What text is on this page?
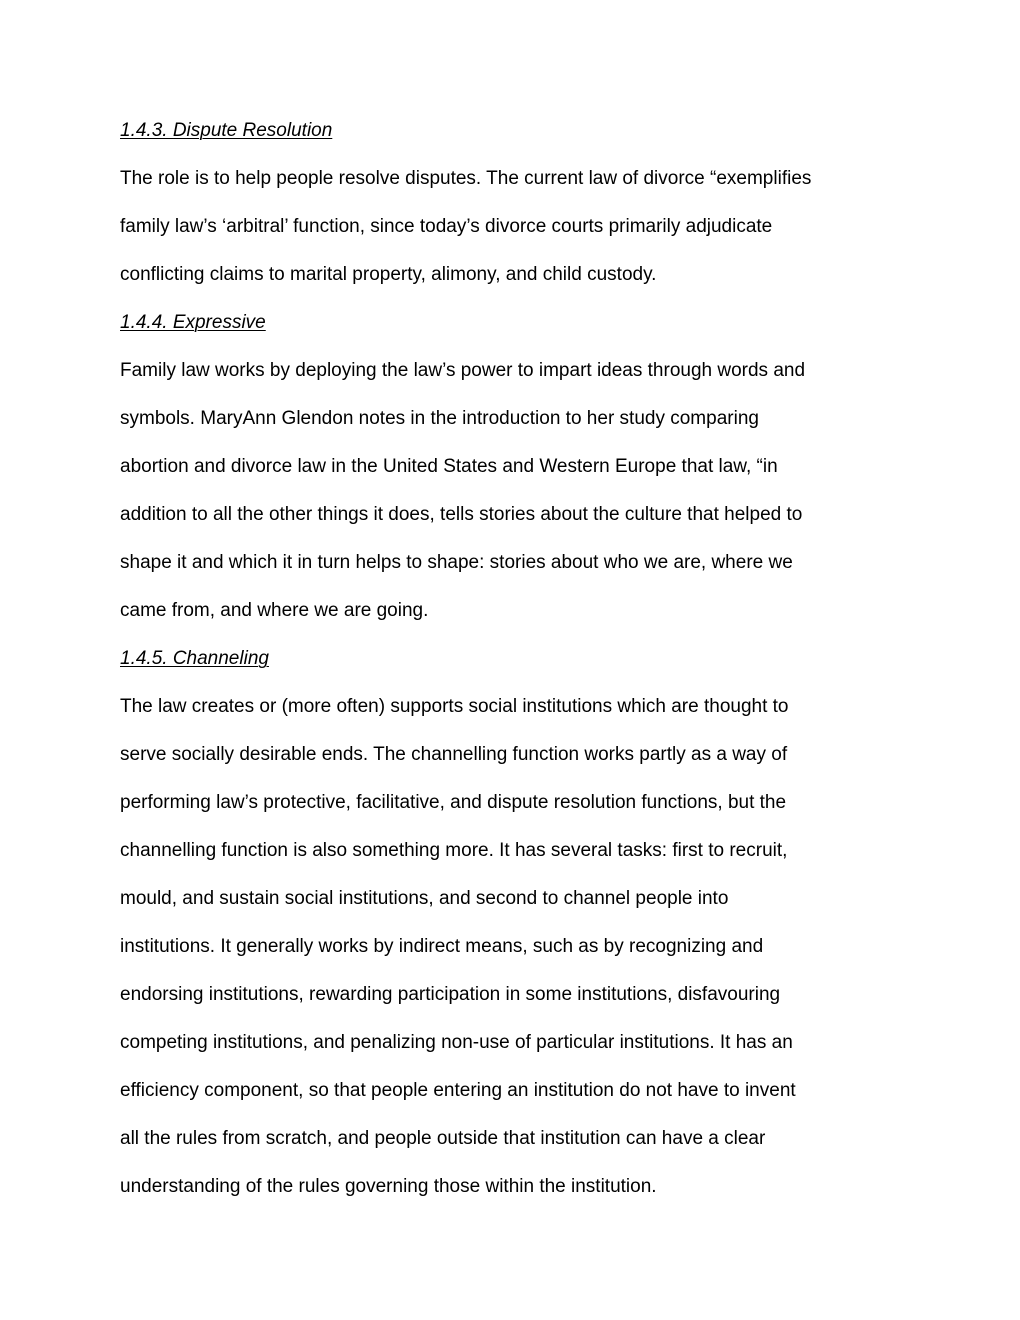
1.4.3. Dispute Resolution
The role is to help people resolve disputes. The current law of divorce “exemplifies
family law’s ‘arbitral’ function, since today’s divorce courts primarily adjudicate
conflicting claims to marital property, alimony, and child custody.
1.4.4. Expressive
Family law works by deploying the law’s power to impart ideas through words and
symbols. MaryAnn Glendon notes in the introduction to her study comparing
abortion and divorce law in the United States and Western Europe that law, “in
addition to all the other things it does, tells stories about the culture that helped to
shape it and which it in turn helps to shape: stories about who we are, where we
came from, and where we are going.
1.4.5. Channeling
The law creates or (more often) supports social institutions which are thought to
serve socially desirable ends. The channelling function works partly as a way of
performing law’s protective, facilitative, and dispute resolution functions, but the
channelling function is also something more. It has several tasks: first to recruit,
mould, and sustain social institutions, and second to channel people into
institutions. It generally works by indirect means, such as by recognizing and
endorsing institutions, rewarding participation in some institutions, disfavouring
competing institutions, and penalizing non-use of particular institutions. It has an
efficiency component, so that people entering an institution do not have to invent
all the rules from scratch, and people outside that institution can have a clear
understanding of the rules governing those within the institution.
